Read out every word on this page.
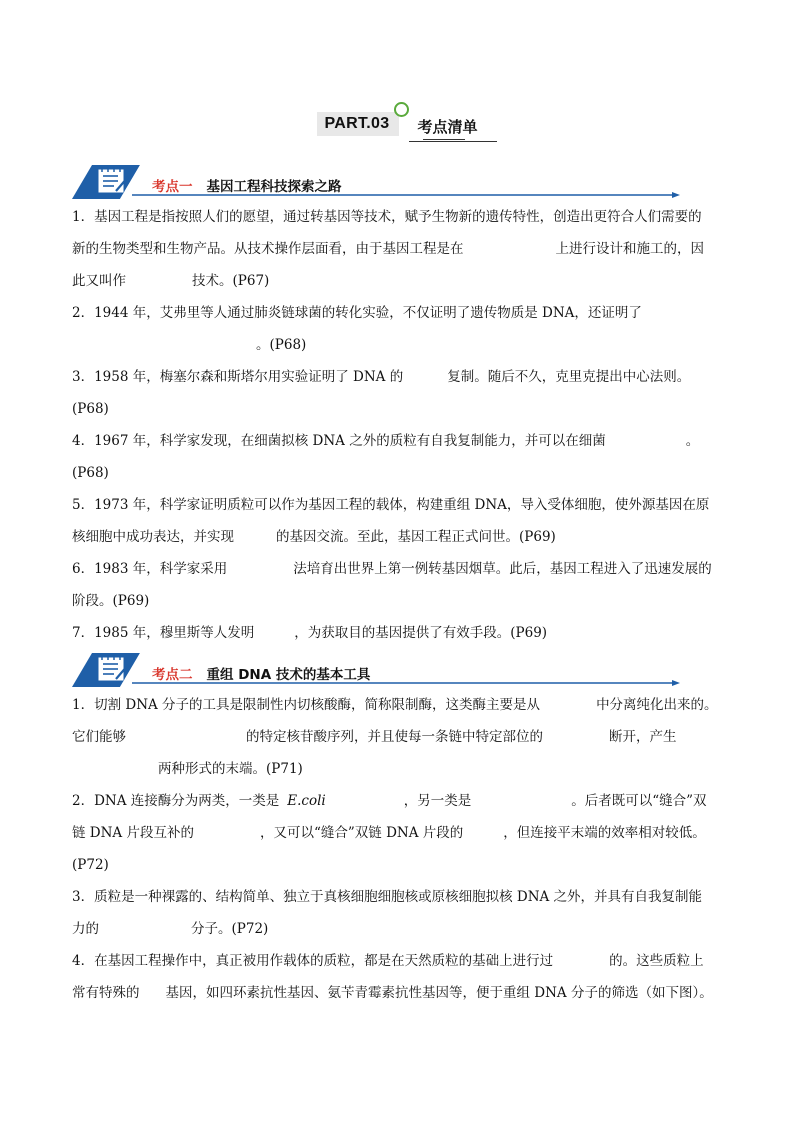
PART.03	考点清单
考点一 基因工程科技探索之路
1．基因工程是指按照人们的愿望，通过转基因等技术，赋予生物新的遗传特性，创造出更符合人们需要的
新的生物类型和生物产品。从技术操作层面看，由于基因工程是在	上进行设计和施工的，因
此又叫作	技术。(P67)
2．1944 年，艾弗里等人通过肺炎链球菌的转化实验，不仅证明了遗传物质是 DNA，还证明了
。(P68)
3．1958 年，梅塞尔森和斯塔尔用实验证明了 DNA 的	复制。随后不久，克里克提出中心法则。
(P68)
4．1967 年，科学家发现，在细菌拟核 DNA 之外的质粒有自我复制能力，并可以在细菌	。
(P68)
5．1973 年，科学家证明质粒可以作为基因工程的载体，构建重组 DNA，导入受体细胞，使外源基因在原
核细胞中成功表达，并实现	的基因交流。至此，基因工程正式问世。(P69)
6．1983 年，科学家采用	法培育出世界上第一例转基因烟草。此后，基因工程进入了迅速发展的
阶段。(P69)
7．1985 年，穆里斯等人发明	，为获取目的基因提供了有效手段。(P69)
考点二 重组 DNA 技术的基本工具
1．切割 DNA 分子的工具是限制性内切核酸酶，简称限制酶，这类酶主要是从	中分离纯化出来的。
它们能够	的特定核苷酸序列，并且使每一条链中特定部位的	断开，产生
两种形式的末端。(P71)
2．DNA 连接酶分为两类，一类是 E.coli	，另一类是	。后者既可以“缝合”双
链 DNA 片段互补的	，又可以“缝合”双链 DNA 片段的	，但连接平末端的效率相对较低。
(P72)
3．质粒是一种裸露的、结构简单、独立于真核细胞细胞核或原核细胞拟核 DNA 之外，并具有自我复制能
力的	分子。(P72)
4．在基因工程操作中，真正被用作载体的质粒，都是在天然质粒的基础上进行过	的。这些质粒上
常有特殊的 基因，如四环素抗性基因、氨苄青霉素抗性基因等，便于重组 DNA 分子的筛选（如下图）。
